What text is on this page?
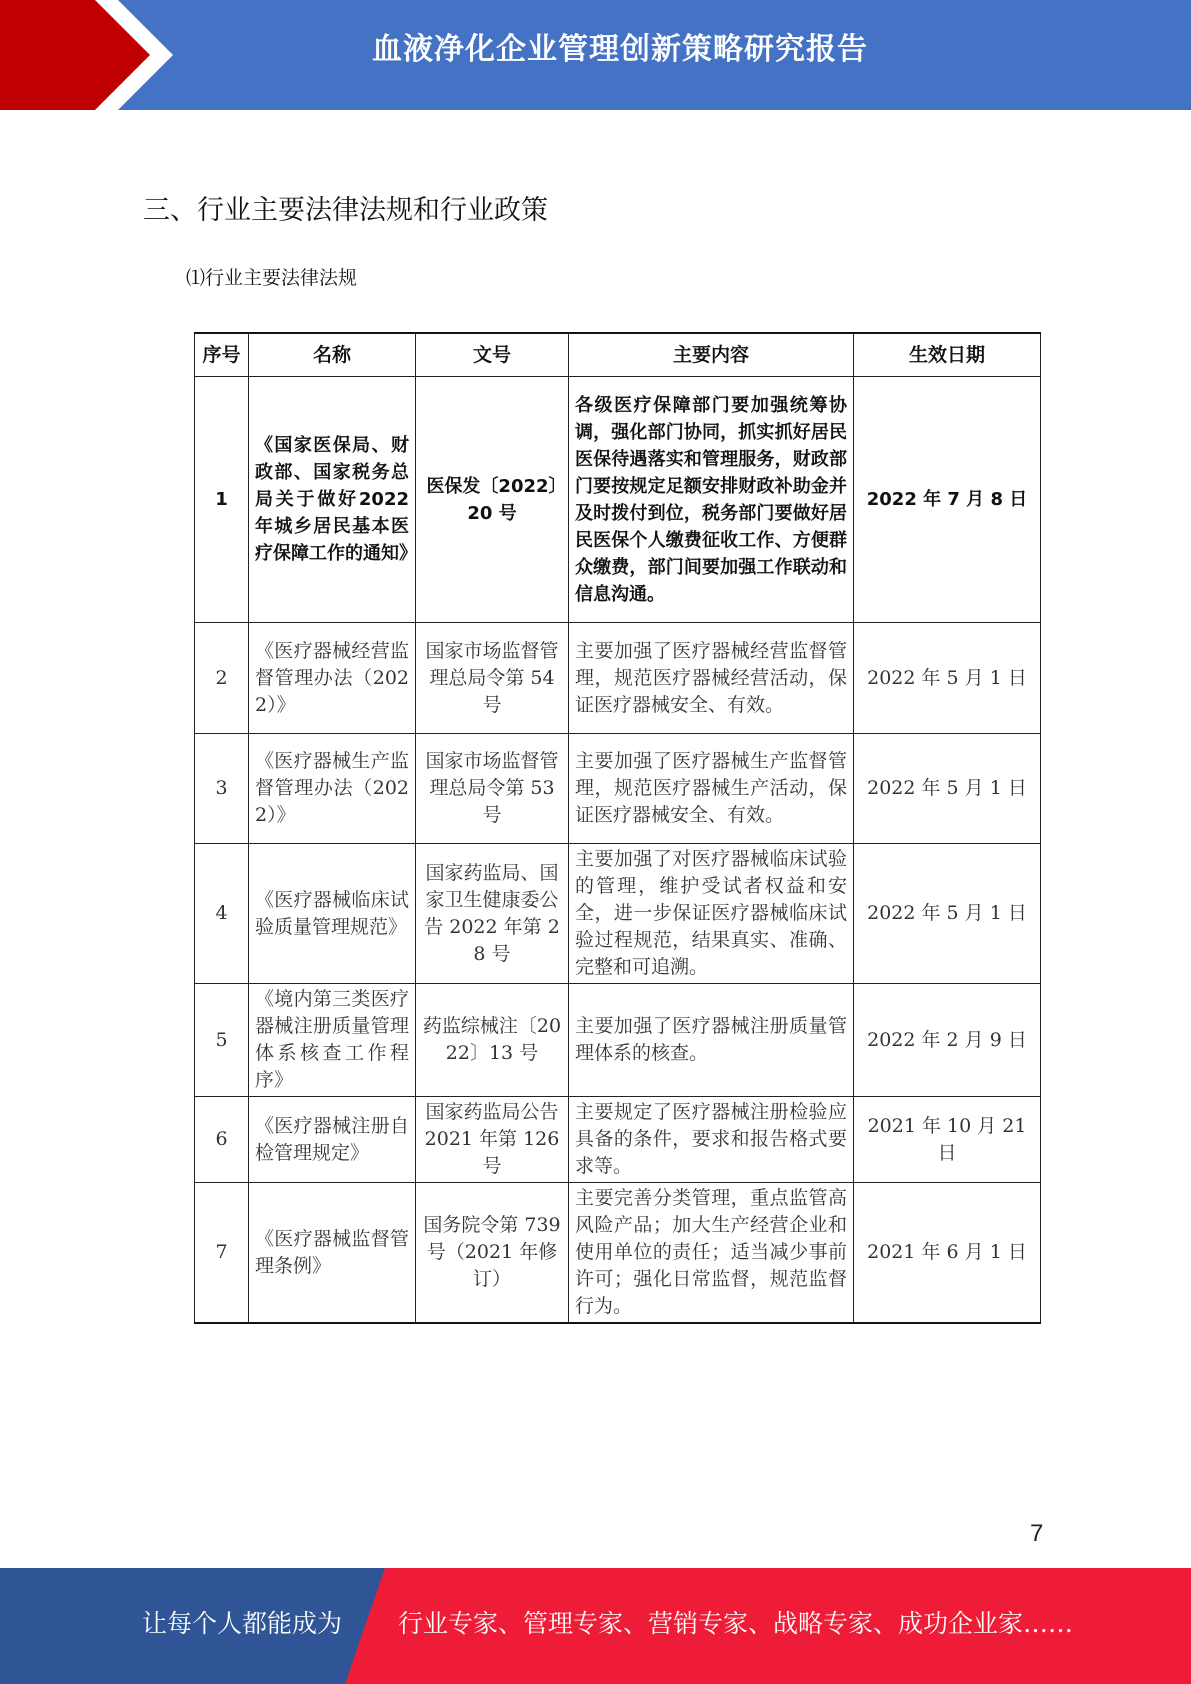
血液净化企业管理创新策略研究报告
三、行业主要法律法规和行业政策
⑴行业主要法律法规
序号	名称	文号	主要内容	生效日期
1	《国家医保局、财政部、国家税务总局关于做好2022 年城乡居民基本医疗保障工作的通知》	医保发〔2022〕20 号	各级医疗保障部门要加强统筹协调，强化部门协同，抓实抓好居民医保待遇落实和管理服务，财政部门要按规定足额安排财政补助金并及时拨付到位，税务部门要做好居民医保个人缴费征收工作、方便群众缴费，部门间要加强工作联动和信息沟通。	2022 年 7 月 8 日
2	《医疗器械经营监督管理办法（2022）》	国家市场监督管理总局令第 54 号	主要加强了医疗器械经营监督管理，规范医疗器械经营活动，保证医疗器械安全、有效。	2022 年 5 月 1 日
3	《医疗器械生产监督管理办法（2022）》	国家市场监督管理总局令第 53 号	主要加强了医疗器械生产监督管理，规范医疗器械生产活动，保证医疗器械安全、有效。	2022 年 5 月 1 日
4	《医疗器械临床试验质量管理规范》	国家药监局、国家卫生健康委公告 2022 年第 28 号	主要加强了对医疗器械临床试验的管理，维护受试者权益和安全，进一步保证医疗器械临床试验过程规范，结果真实、准确、完整和可追溯。	2022 年 5 月 1 日
5	《境内第三类医疗器械注册质量管理体系核查工作程序》	药监综械注〔2022〕13 号	主要加强了医疗器械注册质量管理体系的核查。	2022 年 2 月 9 日
6	《医疗器械注册自检管理规定》	国家药监局公告 2021 年第 126 号	主要规定了医疗器械注册检验应具备的条件，要求和报告格式要求等。	2021 年 10 月 21 日
7	《医疗器械监督管理条例》	国务院令第 739 号（2021 年修订）	主要完善分类管理，重点监管高风险产品；加大生产经营企业和使用单位的责任；适当减少事前许可；强化日常监督，规范监督行为。	2021 年 6 月 1 日
7
让每个人都能成为 行业专家、管理专家、营销专家、战略专家、成功企业家……
